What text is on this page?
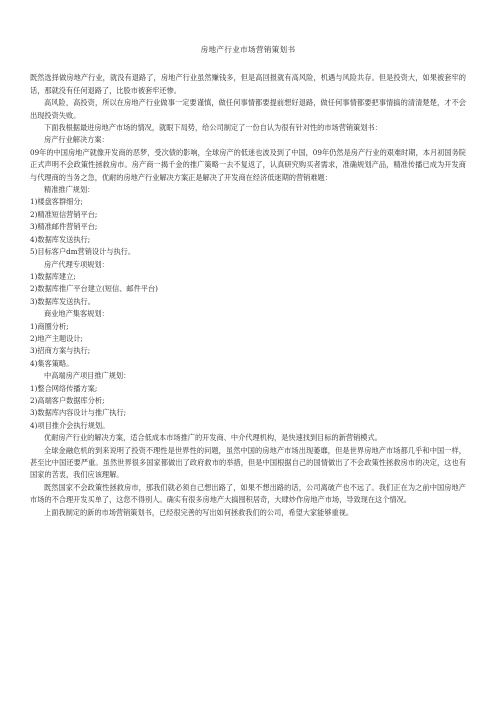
房地产行业市场营销策划书

既然选择做房地产行业，就没有退路了，房地产行业虽然赚钱多，但是高回报就有高风险，机遇与风险共存。但是投资大，如果被套牢的话，那就没有任何退路了，比股市被套牢还惨。

高风险，高投资，所以在房地产行业做事一定要谨慎，做任何事情都要提前想好退路，做任何事情都要把事情搞的清清楚楚，才不会出现投资失败。

下面我根据最进房地产市场的情况，就眼下局势，给公司制定了一份自认为很有针对性的市场营销策划书：

房产行业解决方案：

09年的中国房地产就像开发商的恶梦，受次债的影响，全球房产的低迷也波及到了中国，09年仍然是房产行业的艰难时期，本月初国务院正式声明不会政策性拯救房市。房产商一揭千金的推广策略一去不复返了，认真研究购买者需求，准确规划产品，精准传播已成为开发商与代理商的当务之急，优耐的房地产行业解决方案正是解决了开发商在经济低迷期的营销难题：

精准推广规划：

1)楼盘客群细分;

2)精准短信营销平台;

3)精准邮件营销平台;

4)数据库发送执行;

5)目标客户dm营销设计与执行。

房产代理专项规划：

1)数据库建立;

2)数据库推广平台建立(短信、邮件平台)

3)数据库发送执行。

商业地产集客规划：

1)商圈分析;

2)地产主题设计;

3)招商方案与执行;

4)集客策略。

中高端房产项目推广规划：

1)整合网络传播方案;

2)高端客户数据库分析;

3)数据库内容设计与推广执行;

4)项目推介会执行规划。

优耐房产行业的解决方案，适合低成本市场推广的开发商、中介代理机构，是快速找到目标的新营销模式。

全球金融危机的到来说明了投资不理性是世界性的问题，虽然中国的房地产市场出现萎靡，但是世界房地产市场都几乎和中国一样，甚至比中国还要严重。虽然世界很多国家都做出了政府救市的举措，但是中国根据自己的国情做出了不会政策性拯救房市的决定，这也有国家的苦衷，我们应该理解。

既然国家不会政策性拯救房市，那我们就必须自己想出路了，如果不想出路的话，公司离破产也不远了。我们正在为之前中国房地产市场的不合理开发买单了，这您不得别人。确实有很多房地产大搞囤积居奇，大肆炒作房地产市场，导致现在这个情况。

上面我制定的新的市场营销策划书，已经很完善的写出如何拯救我们的公司，希望大家能够重视。
